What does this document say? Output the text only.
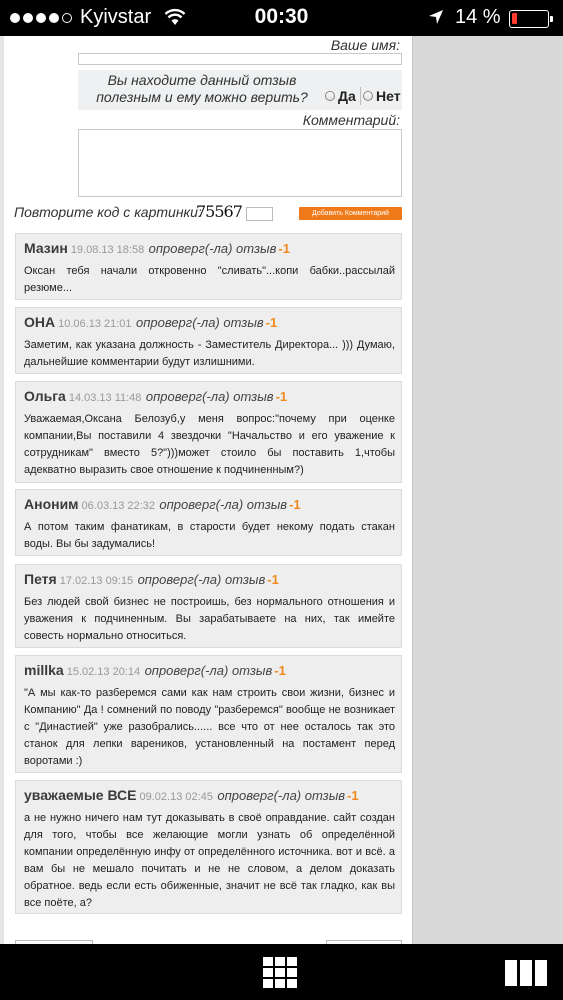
Kyivstar	00:30	14 %
Ваше имя:
Вы находите данный отзыв полезным и ему можно верить?	Да Нет
Комментарий:
Повторите код с картинки:
75567	Добавить Комментарий
Мазин 19.08.13 18:58 опроверг(-ла) отзыв -1
Оксан тебя начали откровенно "сливать"...копи бабки..рассылай резюме...
ОНА 10.06.13 21:01 опроверг(-ла) отзыв -1
Заметим, как указана должность - Заместитель Директора... ))) Думаю, дальнейшие комментарии будут излишними.
Ольга 14.03.13 11:48 опроверг(-ла) отзыв -1
Уважаемая,Оксана Белозуб,у меня вопрос:"почему при оценке компании,Вы поставили 4 звездочки "Начальство и его уважение к сотрудникам" вместо 5?")))может стоило бы поставить 1,чтобы адекватно выразить свое отношение к подчиненным?)
Аноним 06.03.13 22:32 опроверг(-ла) отзыв -1
А потом таким фанатикам, в старости будет некому подать стакан воды. Вы бы задумались!
Петя 17.02.13 09:15 опроверг(-ла) отзыв -1
Без людей свой бизнес не построишь, без нормального отношения и уважения к подчиненным. Вы зарабатываете на них, так имейте совесть нормально относиться.
millka 15.02.13 20:14 опроверг(-ла) отзыв -1
"А мы как-то разберемся сами как нам строить свои жизни, бизнес и Компанию" Да ! сомнений по поводу "разберемся" вообще не возникает с "Династией" уже разобрались...... все что от нее осталось так это станок для лепки вареников, установленный на постамент перед воротами :)
уважаемые ВСЕ 09.02.13 02:45 опроверг(-ла) отзыв -1
а не нужно ничего нам тут доказывать в своё оправдание. сайт создан для того, чтобы все желающие могли узнать об определённой компании определённую инфу от определённого источника. вот и всё. а вам бы не мешало почитать и не не словом, а делом доказать обратное. ведь если есть обиженные, значит не всё так гладко, как вы все поёте, а?
